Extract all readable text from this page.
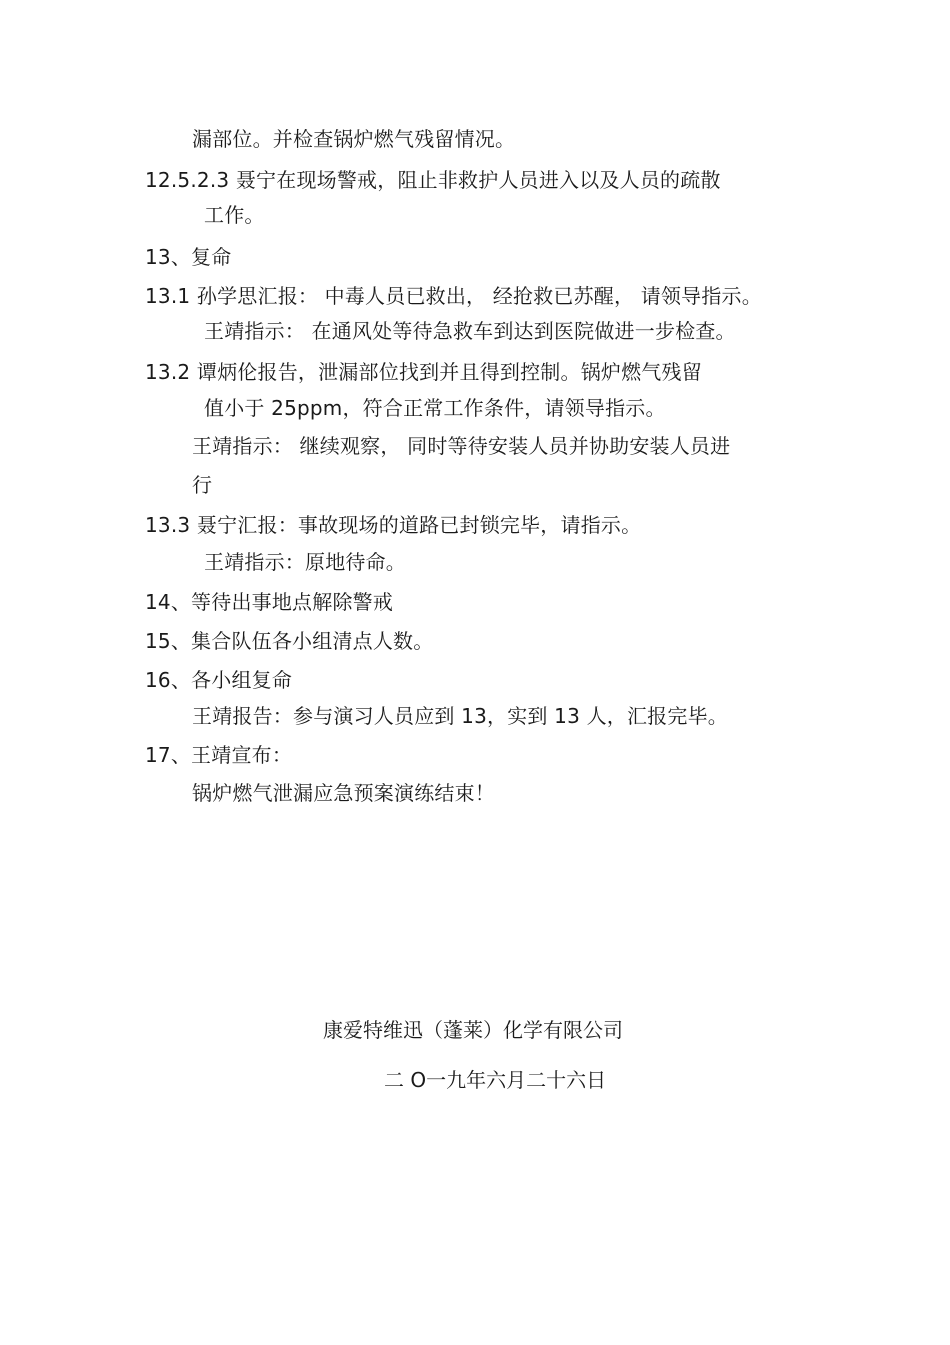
漏部位。并检查锅炉燃气残留情况。
12.5.2.3 聂宁在现场警戒，阻止非救护人员进入以及人员的疏散
工作。
13、复命
13.1 孙学思汇报： 中毒人员已救出， 经抢救已苏醒， 请领导指示。
王靖指示： 在通风处等待急救车到达到医院做进一步检查。
13.2 谭炳伦报告，泄漏部位找到并且得到控制。锅炉燃气残留
值小于 25ppm，符合正常工作条件，请领导指示。
王靖指示： 继续观察， 同时等待安装人员并协助安装人员进
行
13.3 聂宁汇报：事故现场的道路已封锁完毕，请指示。
王靖指示：原地待命。
14、等待出事地点解除警戒
15、集合队伍各小组清点人数。
16、各小组复命
王靖报告：参与演习人员应到 13，实到 13 人，汇报完毕。
17、王靖宣布：
锅炉燃气泄漏应急预案演练结束！
康爱特维迅（蓬莱）化学有限公司
二 O一九年六月二十六日
